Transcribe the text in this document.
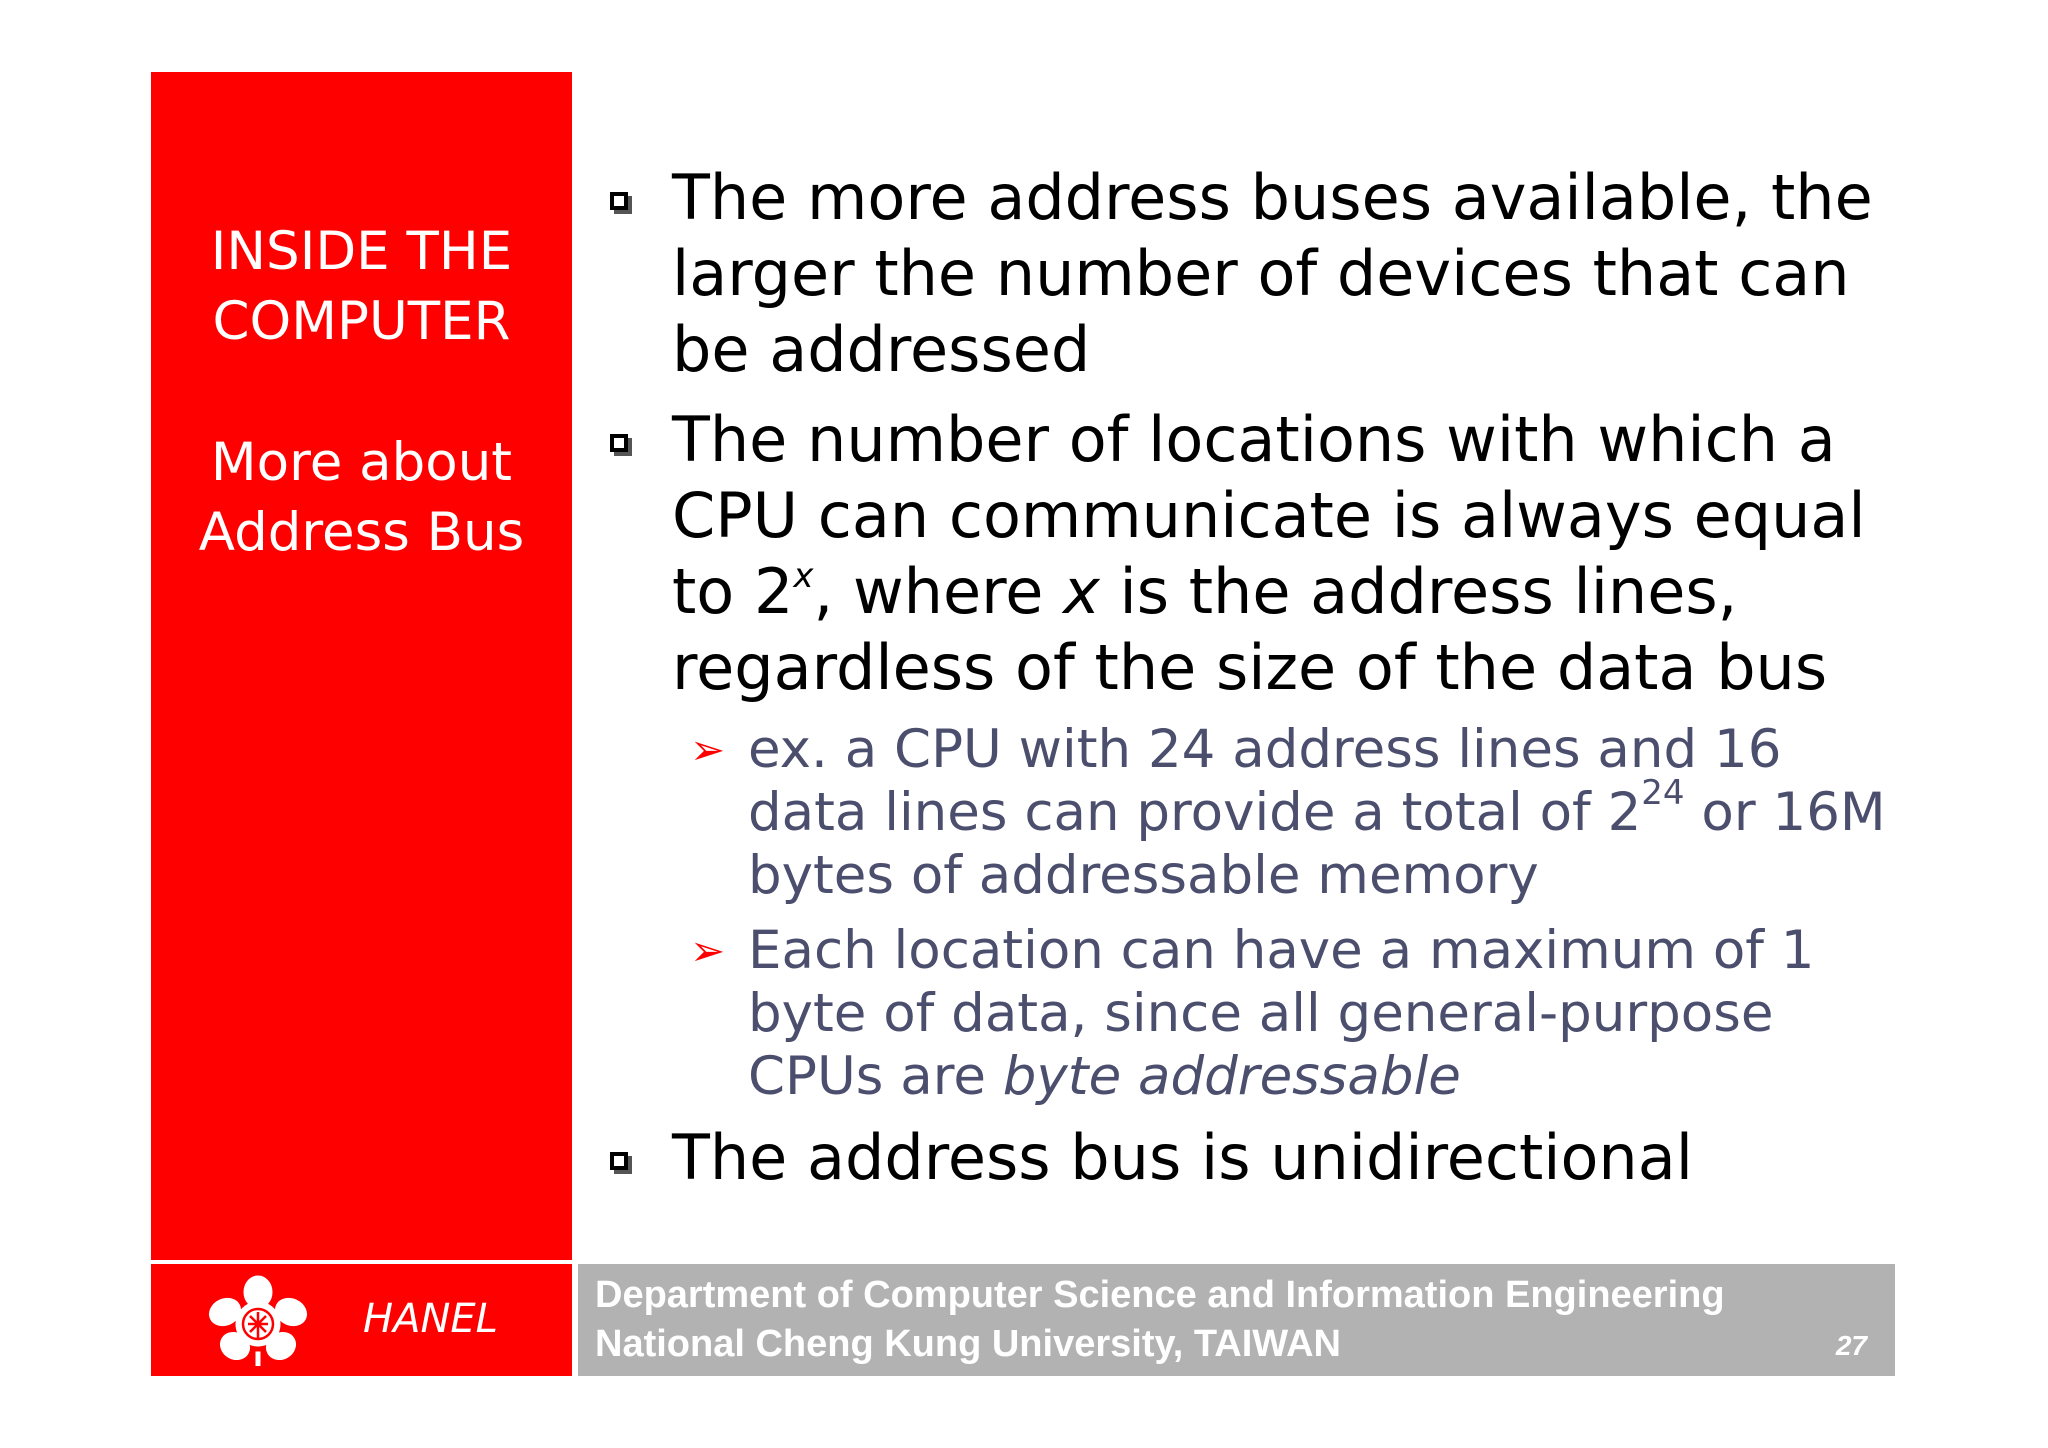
INSIDE THE
COMPUTER
More about
Address Bus
The more address buses available, the
larger the number of devices that can
be addressed
The number of locations with which a
CPU can communicate is always equal
to 2$^x$, where x is the address lines,
regardless of the size of the data bus
➢ ex. a CPU with 24 address lines and 16
data lines can provide a total of $2^{24}$ or 16M
bytes of addressable memory
➢ Each location can have a maximum of 1
byte of data, since all general-purpose
CPUs are byte addressable
The address bus is unidirectional
HANEL
Department of Computer Science and Information Engineering
National Cheng Kung University, TAIWAN	27
